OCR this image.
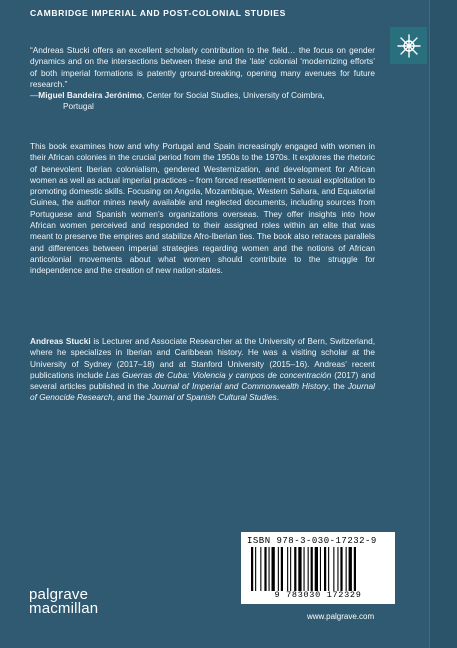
CAMBRIDGE IMPERIAL AND POST-COLONIAL STUDIES

“Andreas Stucki offers an excellent scholarly contribution to the field… the focus on gender dynamics and on the intersections between these and the ‘late’ colonial ‘modernizing efforts’ of both imperial formations is patently ground-breaking, opening many avenues for future research.”

—Miguel Bandeira Jerónimo, Center for Social Studies, University of Coimbra,
Portugal

This book examines how and why Portugal and Spain increasingly engaged with women in their African colonies in the crucial period from the 1950s to the 1970s. It explores the rhetoric of benevolent Iberian colonialism, gendered Westernization, and development for African women as well as actual imperial practices – from forced resettlement to sexual exploitation to promoting domestic skills. Focusing on Angola, Mozambique, Western Sahara, and Equatorial Guinea, the author mines newly available and neglected documents, including sources from Portuguese and Spanish women’s organizations overseas. They offer insights into how African women perceived and responded to their assigned roles within an elite that was meant to preserve the empires and stabilize Afro-Iberian ties. The book also retraces parallels and differences between imperial strategies regarding women and the notions of African anticolonial movements about what women should contribute to the struggle for independence and the creation of new nation-states.

Andreas Stucki is Lecturer and Associate Researcher at the University of Bern, Switzerland, where he specializes in Iberian and Caribbean history. He was a visiting scholar at the University of Sydney (2017–18) and at Stanford University (2015–16). Andreas’ recent publications include Las Guerras de Cuba: Violencia y campos de concentración (2017) and several articles published in the Journal of Imperial and Commonwealth History, the Journal of Genocide Research, and the Journal of Spanish Cultural Studies.

ISBN 978-3-030-17232-9
9 783030 172329
www.palgrave.com
palgrave
macmillan
